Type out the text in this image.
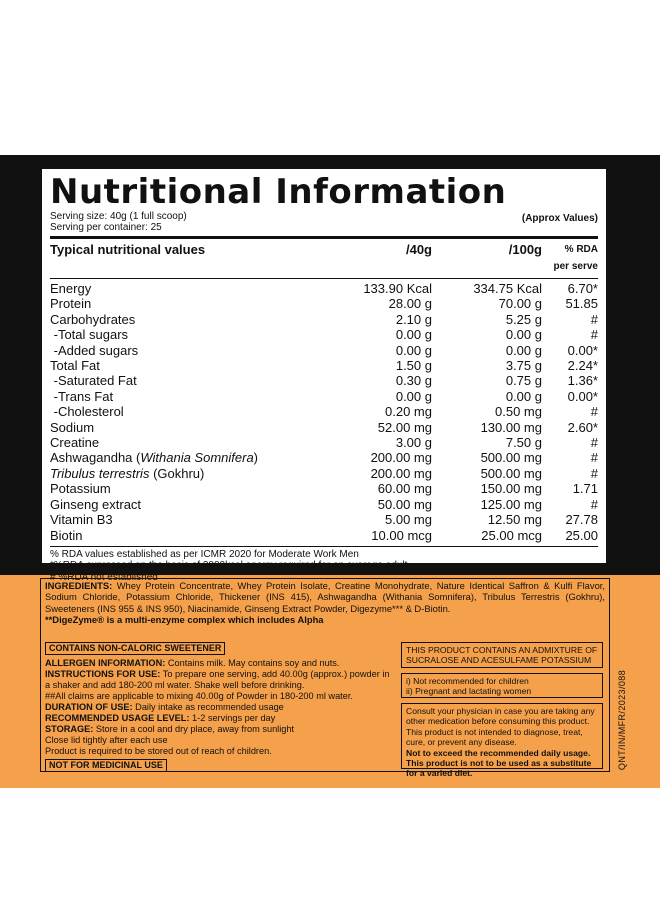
Nutritional Information
Serving size: 40g (1 full scoop)
Serving per container: 25
(Approx Values)
Typical nutritional values	/40g	/100g	% RDA per serve
Energy	133.90 Kcal	334.75 Kcal	6.70*
Protein	28.00 g	70.00 g	51.85
Carbohydrates	2.10 g	5.25 g	#
-Total sugars	0.00 g	0.00 g	#
-Added sugars	0.00 g	0.00 g	0.00*
Total Fat	1.50 g	3.75 g	2.24*
-Saturated Fat	0.30 g	0.75 g	1.36*
-Trans Fat	0.00 g	0.00 g	0.00*
-Cholesterol	0.20 mg	0.50 mg	#
Sodium	52.00 mg	130.00 mg	2.60*
Creatine	3.00 g	7.50 g	#
Ashwagandha (Withania Somnifera)	200.00 mg	500.00 mg	#
Tribulus terrestris (Gokhru)	200.00 mg	500.00 mg	#
Potassium	60.00 mg	150.00 mg	1.71
Ginseng extract	50.00 mg	125.00 mg	#
Vitamin B3	5.00 mg	12.50 mg	27.78
Biotin	10.00 mcg	25.00 mcg	25.00
% RDA values established as per ICMR 2020 for Moderate Work Men
*%RDA expressed on the basis of 2000kcal energy required for an average adult
# %RDA not established
INGREDIENTS: Whey Protein Concentrate, Whey Protein Isolate, Creatine Monohydrate, Nature Identical Saffron & Kulfi Flavor, Sodium Chloride, Potassium Chloride, Thickener (INS 415), Ashwagandha (Withania Somnifera), Tribulus Terrestris (Gokhru), Sweeteners (INS 955 & INS 950), Niacinamide, Ginseng Extract Powder, Digezyme*** & D-Biotin.
**DigeZyme® is a multi-enzyme complex which includes Alpha
CONTAINS NON-CALORIC SWEETENER
ALLERGEN INFORMATION: Contains milk. May contains soy and nuts.
INSTRUCTIONS FOR USE: To prepare one serving, add 40.00g (approx.) powder in a shaker and add 180-200 ml water. Shake well before drinking.
##All claims are applicable to mixing 40.00g of Powder in 180-200 ml water.
DURATION OF USE: Daily intake as recommended usage
RECOMMENDED USAGE LEVEL: 1-2 servings per day
STORAGE: Store in a cool and dry place, away from sunlight
Close lid tightly after each use
Product is required to be stored out of reach of children.
NOT FOR MEDICINAL USE
THIS PRODUCT CONTAINS AN ADMIXTURE OF SUCRALOSE AND ACESULFAME POTASSIUM
i) Not recommended for children
ii) Pregnant and lactating women
Consult your physician in case you are taking any other medication before consuming this product. This product is not intended to diagnose, treat, cure, or prevent any disease.
Not to exceed the recommended daily usage. This product is not to be used as a substitute for a varied diet.
QNT/IN/MFR/2023/088
